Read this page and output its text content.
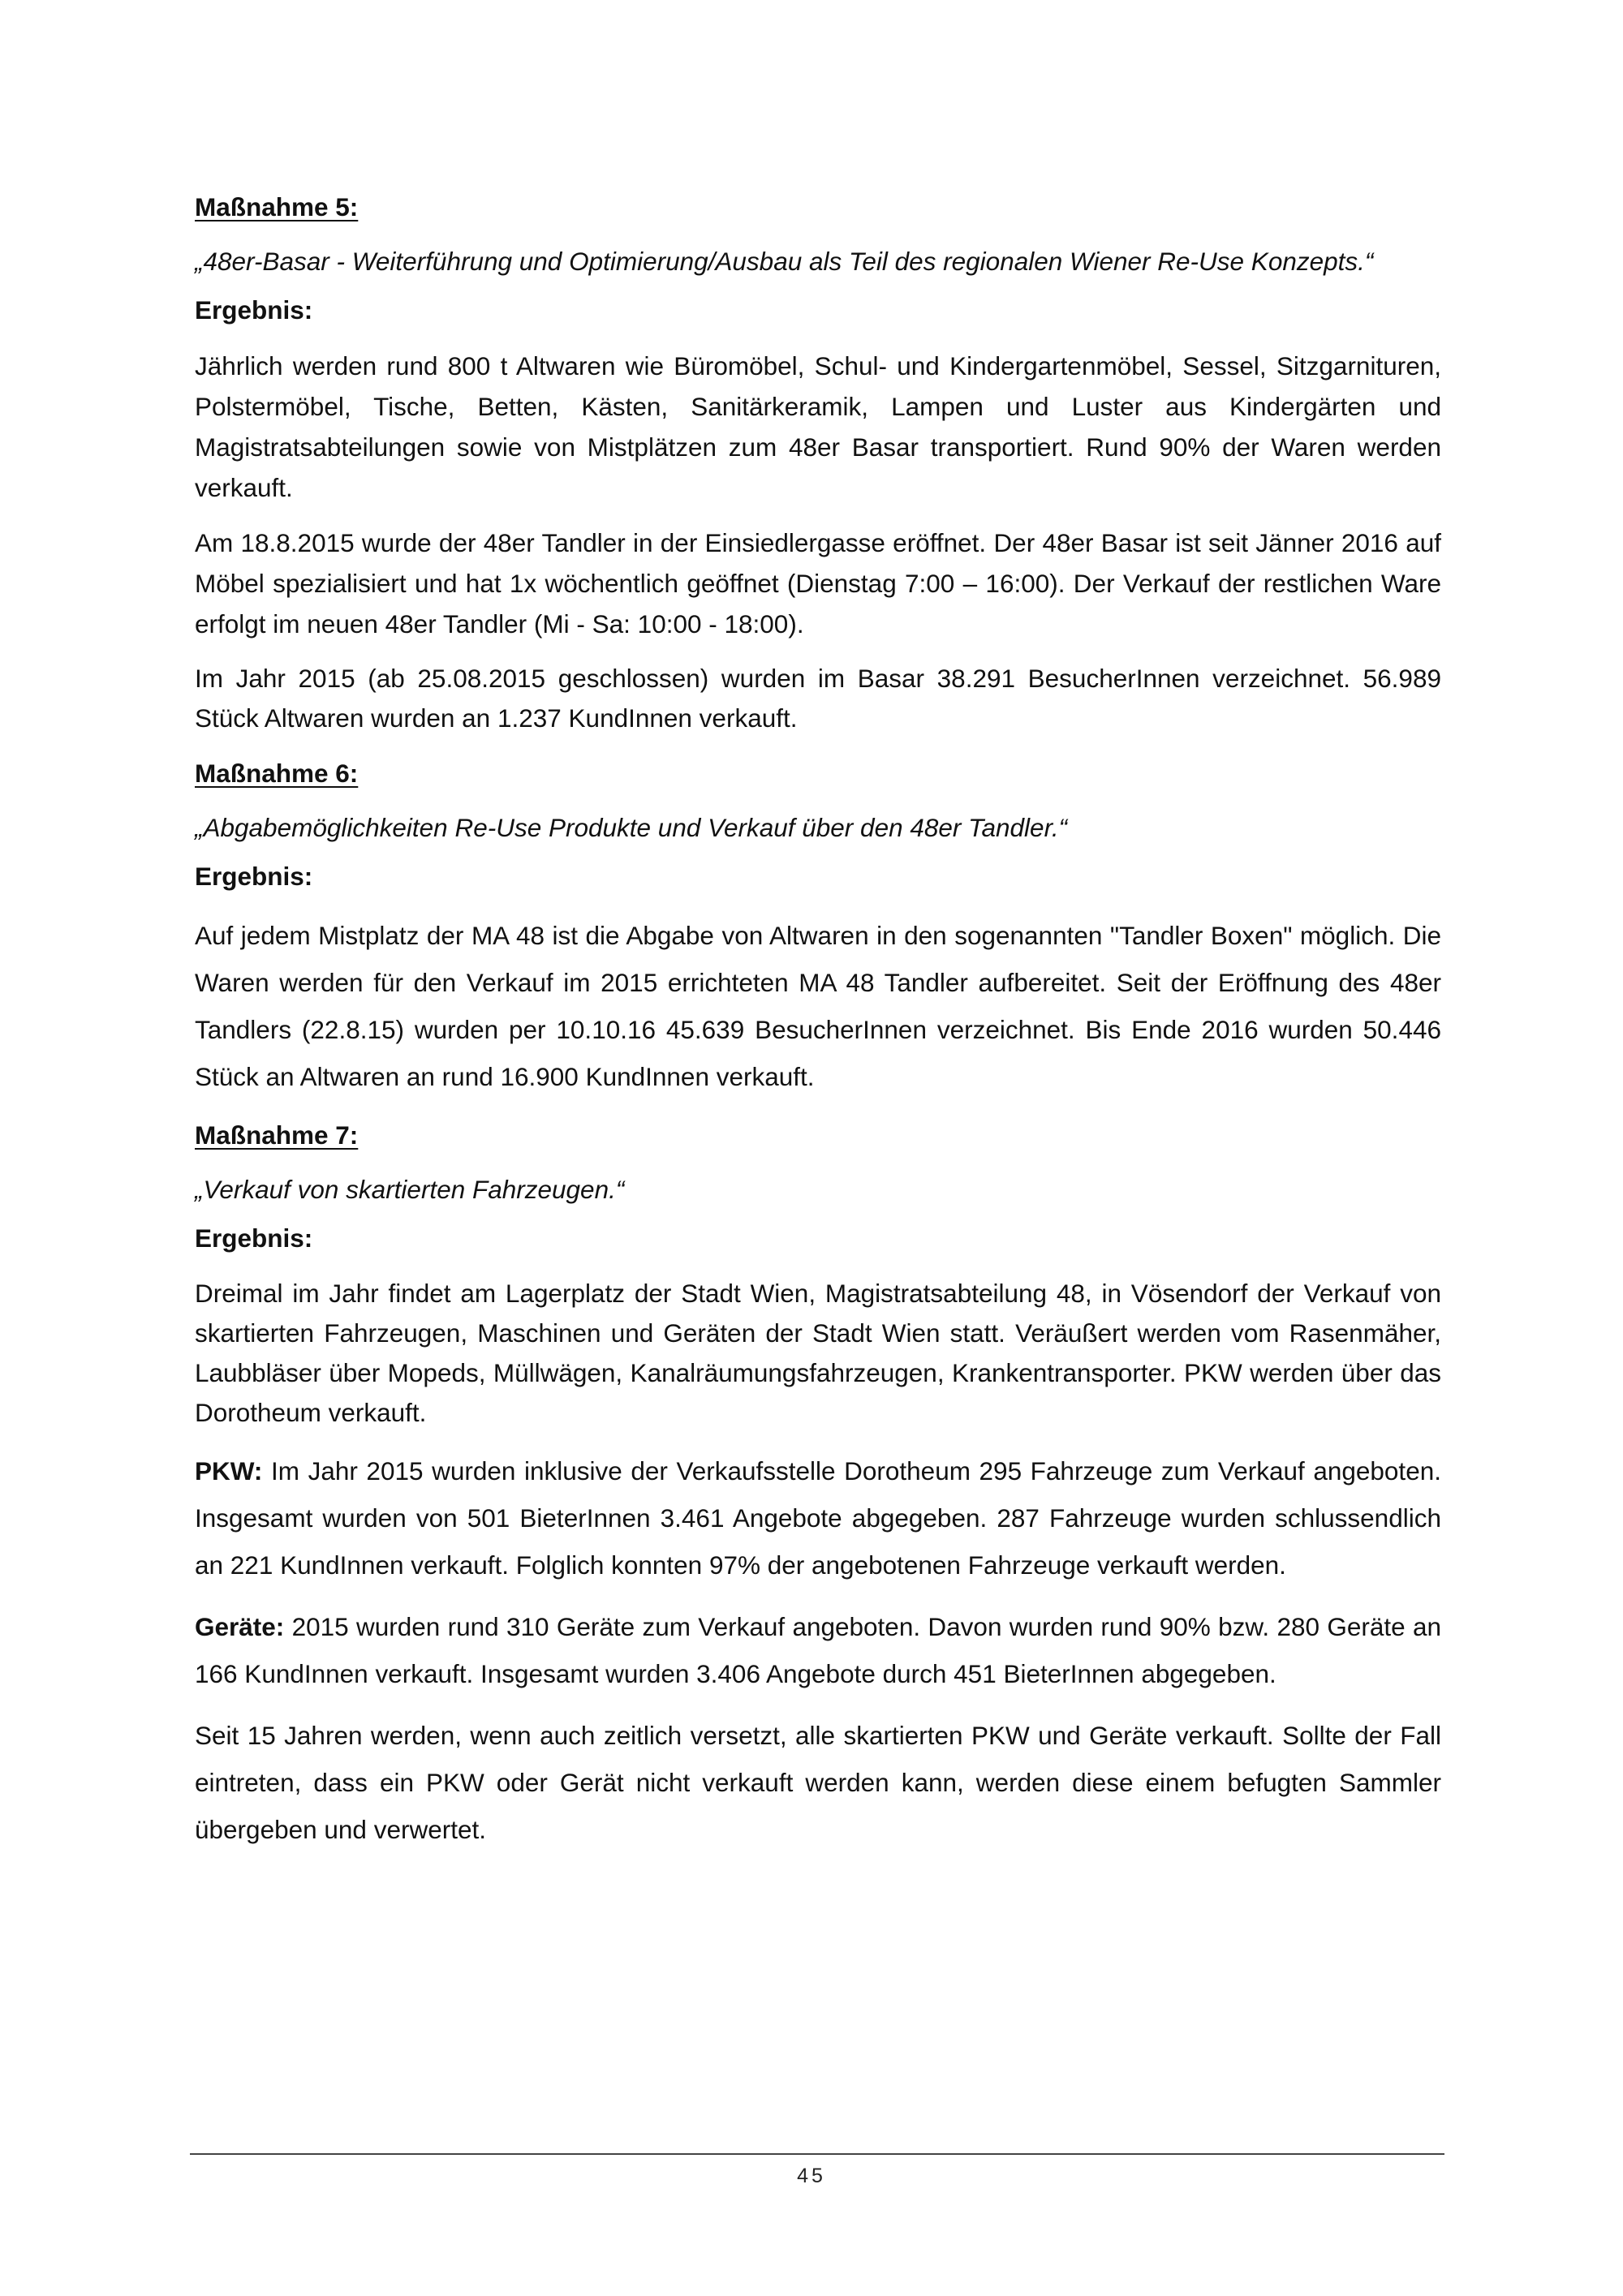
Maßnahme 5:
„48er-Basar - Weiterführung und Optimierung/Ausbau als Teil des regionalen Wiener Re-Use Konzepts.“
Ergebnis:

Jährlich werden rund 800 t Altwaren wie Büromöbel, Schul- und Kindergartenmöbel, Sessel, Sitzgarnituren, Polstermöbel, Tische, Betten, Kästen, Sanitärkeramik, Lampen und Luster aus Kindergärten und Magistratsabteilungen sowie von Mistplätzen zum 48er Basar transportiert. Rund 90% der Waren werden verkauft.

Am 18.8.2015 wurde der 48er Tandler in der Einsiedlergasse eröffnet. Der 48er Basar ist seit Jänner 2016 auf Möbel spezialisiert und hat 1x wöchentlich geöffnet (Dienstag 7:00 – 16:00). Der Verkauf der restlichen Ware erfolgt im neuen 48er Tandler (Mi - Sa: 10:00 - 18:00).

Im Jahr 2015 (ab 25.08.2015 geschlossen) wurden im Basar 38.291 BesucherInnen verzeichnet. 56.989 Stück Altwaren wurden an 1.237 KundInnen verkauft.

Maßnahme 6:
„Abgabemöglichkeiten Re-Use Produkte und Verkauf über den 48er Tandler.“
Ergebnis:

Auf jedem Mistplatz der MA 48 ist die Abgabe von Altwaren in den sogenannten "Tandler Boxen" möglich. Die Waren werden für den Verkauf im 2015 errichteten MA 48 Tandler aufbereitet. Seit der Eröffnung des 48er Tandlers (22.8.15) wurden per 10.10.16 45.639 BesucherInnen verzeichnet. Bis Ende 2016 wurden 50.446 Stück an Altwaren an rund 16.900 KundInnen verkauft.

Maßnahme 7:
„Verkauf von skartierten Fahrzeugen.“
Ergebnis:

Dreimal im Jahr findet am Lagerplatz der Stadt Wien, Magistratsabteilung 48, in Vösendorf der Verkauf von skartierten Fahrzeugen, Maschinen und Geräten der Stadt Wien statt. Veräußert werden vom Rasenmäher, Laubbläser über Mopeds, Müllwägen, Kanalräumungsfahrzeugen, Krankentransporter. PKW werden über das Dorotheum verkauft.

PKW: Im Jahr 2015 wurden inklusive der Verkaufsstelle Dorotheum 295 Fahrzeuge zum Verkauf angeboten. Insgesamt wurden von 501 BieterInnen 3.461 Angebote abgegeben. 287 Fahrzeuge wurden schlussendlich an 221 KundInnen verkauft. Folglich konnten 97% der angebotenen Fahrzeuge verkauft werden.

Geräte: 2015 wurden rund 310 Geräte zum Verkauf angeboten. Davon wurden rund 90% bzw. 280 Geräte an 166 KundInnen verkauft. Insgesamt wurden 3.406 Angebote durch 451 BieterInnen abgegeben.

Seit 15 Jahren werden, wenn auch zeitlich versetzt, alle skartierten PKW und Geräte verkauft. Sollte der Fall eintreten, dass ein PKW oder Gerät nicht verkauft werden kann, werden diese einem befugten Sammler übergeben und verwertet.

45
